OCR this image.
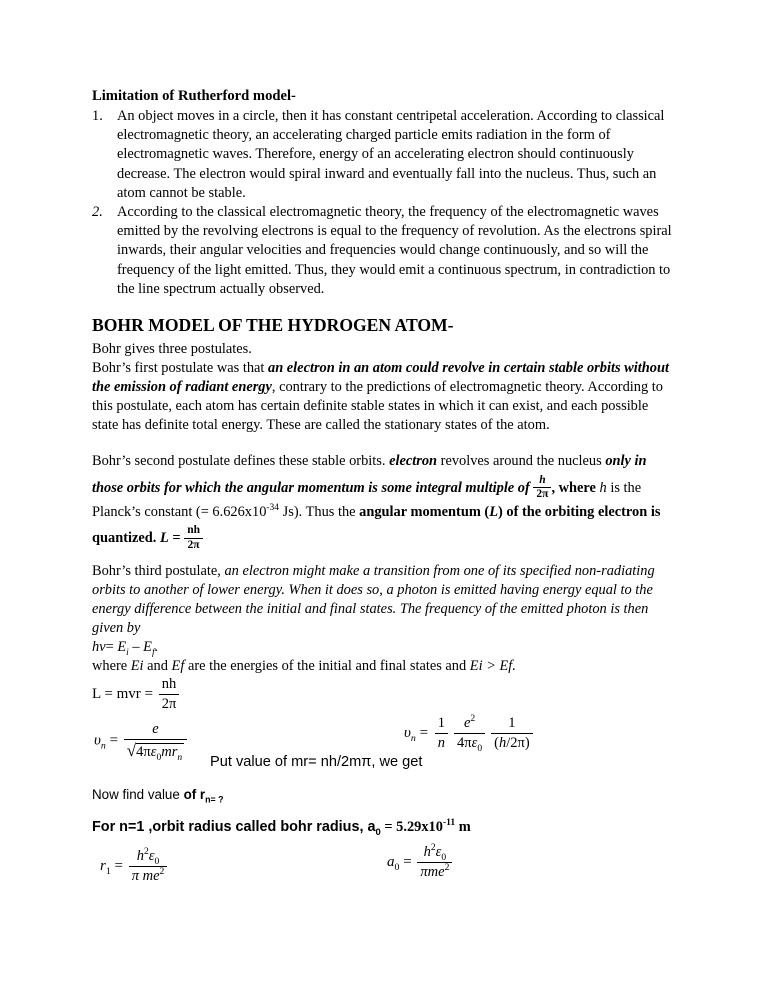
Limitation of Rutherford model-
1. An object moves in a circle, then it has constant centripetal acceleration. According to classical electromagnetic theory, an accelerating charged particle emits radiation in the form of electromagnetic waves. Therefore, energy of an accelerating electron should continuously decrease. The electron would spiral inward and eventually fall into the nucleus. Thus, such an atom cannot be stable.
2. According to the classical electromagnetic theory, the frequency of the electromagnetic waves emitted by the revolving electrons is equal to the frequency of revolution. As the electrons spiral inwards, their angular velocities and frequencies would change continuously, and so will the frequency of the light emitted. Thus, they would emit a continuous spectrum, in contradiction to the line spectrum actually observed.
BOHR MODEL OF THE HYDROGEN ATOM-

Bohr gives three postulates.

Bohr’s first postulate was that an electron in an atom could revolve in certain stable orbits without the emission of radiant energy, contrary to the predictions of electromagnetic theory. According to this postulate, each atom has certain definite stable states in which it can exist, and each possible state has definite total energy. These are called the stationary states of the atom.

Bohr’s second postulate defines these stable orbits. electron revolves around the nucleus only in those orbits for which the angular momentum is some integral multiple of $\frac{h}{2\pi}$ , where h is the Planck’s constant (= $6.626x10^{-34}$ Js). Thus the angular momentum (L) of the orbiting electron is quantized. $L = \frac{nh}{2\pi}$

Bohr’s third postulate, an electron might make a transition from one of its specified non-radiating orbits to another of lower energy. When it does so, a photon is emitted having energy equal to the energy difference between the initial and final states. The frequency of the emitted photon is then given by
$h\nu= E_i - E_f$.
where Ei and Ef are the energies of the initial and final states and Ei > Ef.

L = mvr = $\frac{nh}{2\pi}$
$\upsilon_n$ =
e
$√4\pi\varepsilon_0mr_n$	Put value of mr= nh/2mπ, we get
$\upsilon_n = \frac{1}{n} \frac{e^2}{4\pi\varepsilon_0} \frac{1}{(h/2\pi)}$
Now find value of $r_{n= ?}$
For n=1 ,orbit radius called bohr radius, $a_0 = 5.29x10^{-11}$ m
$r_1 = \frac{h^2\varepsilon_0}{\pi me^2}$	$a_0$ =
$h^2\varepsilon_0$
πme$^2$
